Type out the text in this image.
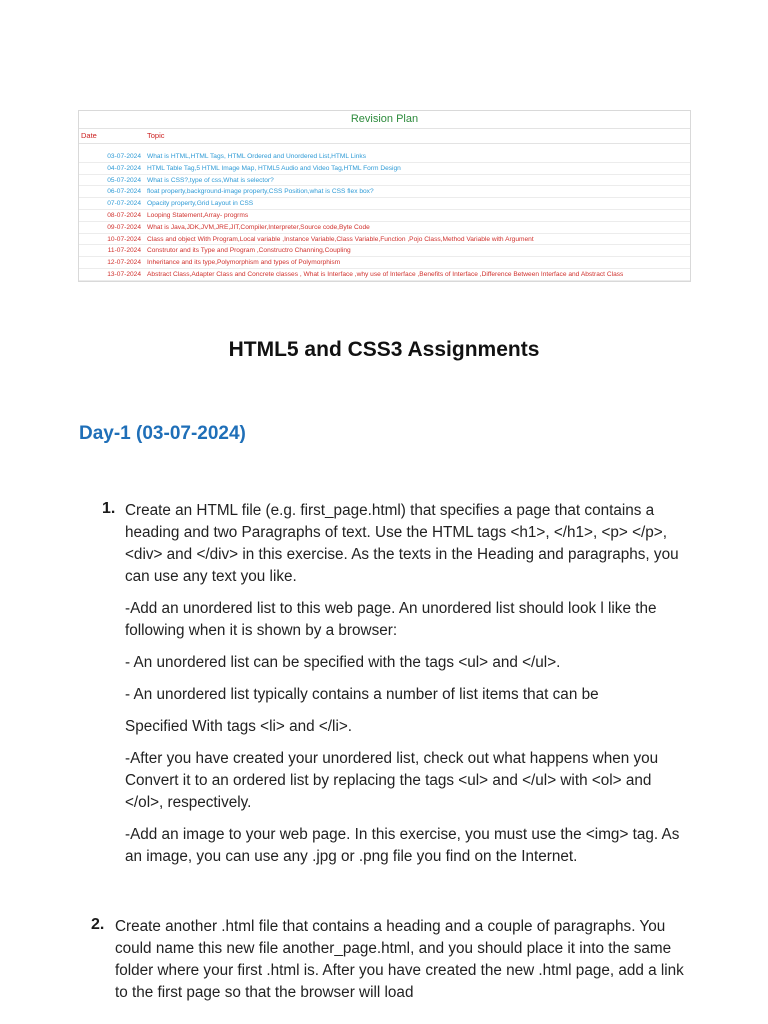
Revision Plan
Date	Topic
03-07-2024 What is HTML,HTML Tags, HTML Ordered and Unordered List,HTML Links
04-07-2024 HTML Table Tag,5 HTML Image Map, HTML5 Audio and Video Tag,HTML Form Design
05-07-2024 What is CSS?,type of css,What is selector?
06-07-2024 float property,background-image property,CSS Position,what is CSS flex box?
07-07-2024 Opacity property,Grid Layout in CSS
08-07-2024 Looping Statement,Array- progrms
09-07-2024 What is Java,JDK,JVM,JRE,JIT,Compiler,Interpreter,Source code,Byte Code
10-07-2024 Class and object With Program,Local variable ,Instance Variable,Class Variable,Function ,Pojo Class,Method Variable with Argument
11-07-2024 Construtor and its Type and Program ,Constructro Channing,Coupling
12-07-2024 Inheritance and its type,Polymorphism and types of Polymorphism
13-07-2024 Abstract Class,Adapter Class and Concrete classes , What is Interface ,why use of Interface ,Benefits of Interface ,Difference Between Interface and Abstract Class
HTML5 and CSS3 Assignments
Day-1 (03-07-2024)
1. Create an HTML file (e.g. first_page.html) that specifies a page that contains a heading and two Paragraphs of text. Use the HTML tags <h1>, </h1>, <p> </p>,<div> and </div> in this exercise. As the texts in the Heading and paragraphs, you can use any text you like.

-Add an unordered list to this web page. An unordered list should look l like the following when it is shown by a browser:

- An unordered list can be specified with the tags <ul> and </ul>.

- An unordered list typically contains a number of list items that can be

Specified With tags <li> and </li>.

-After you have created your unordered list, check out what happens when you Convert it to an ordered list by replacing the tags <ul> and </ul> with <ol> and </ol>, respectively.

-Add an image to your web page. In this exercise, you must use the <img> tag. As an image, you can use any .jpg or .png file you find on the Internet.

2. Create another .html file that contains a heading and a couple of paragraphs. You could name this new file another_page.html, and you should place it into the same folder where your first .html is. After you have created the new .html page, add a link to the first page so that the browser will load
